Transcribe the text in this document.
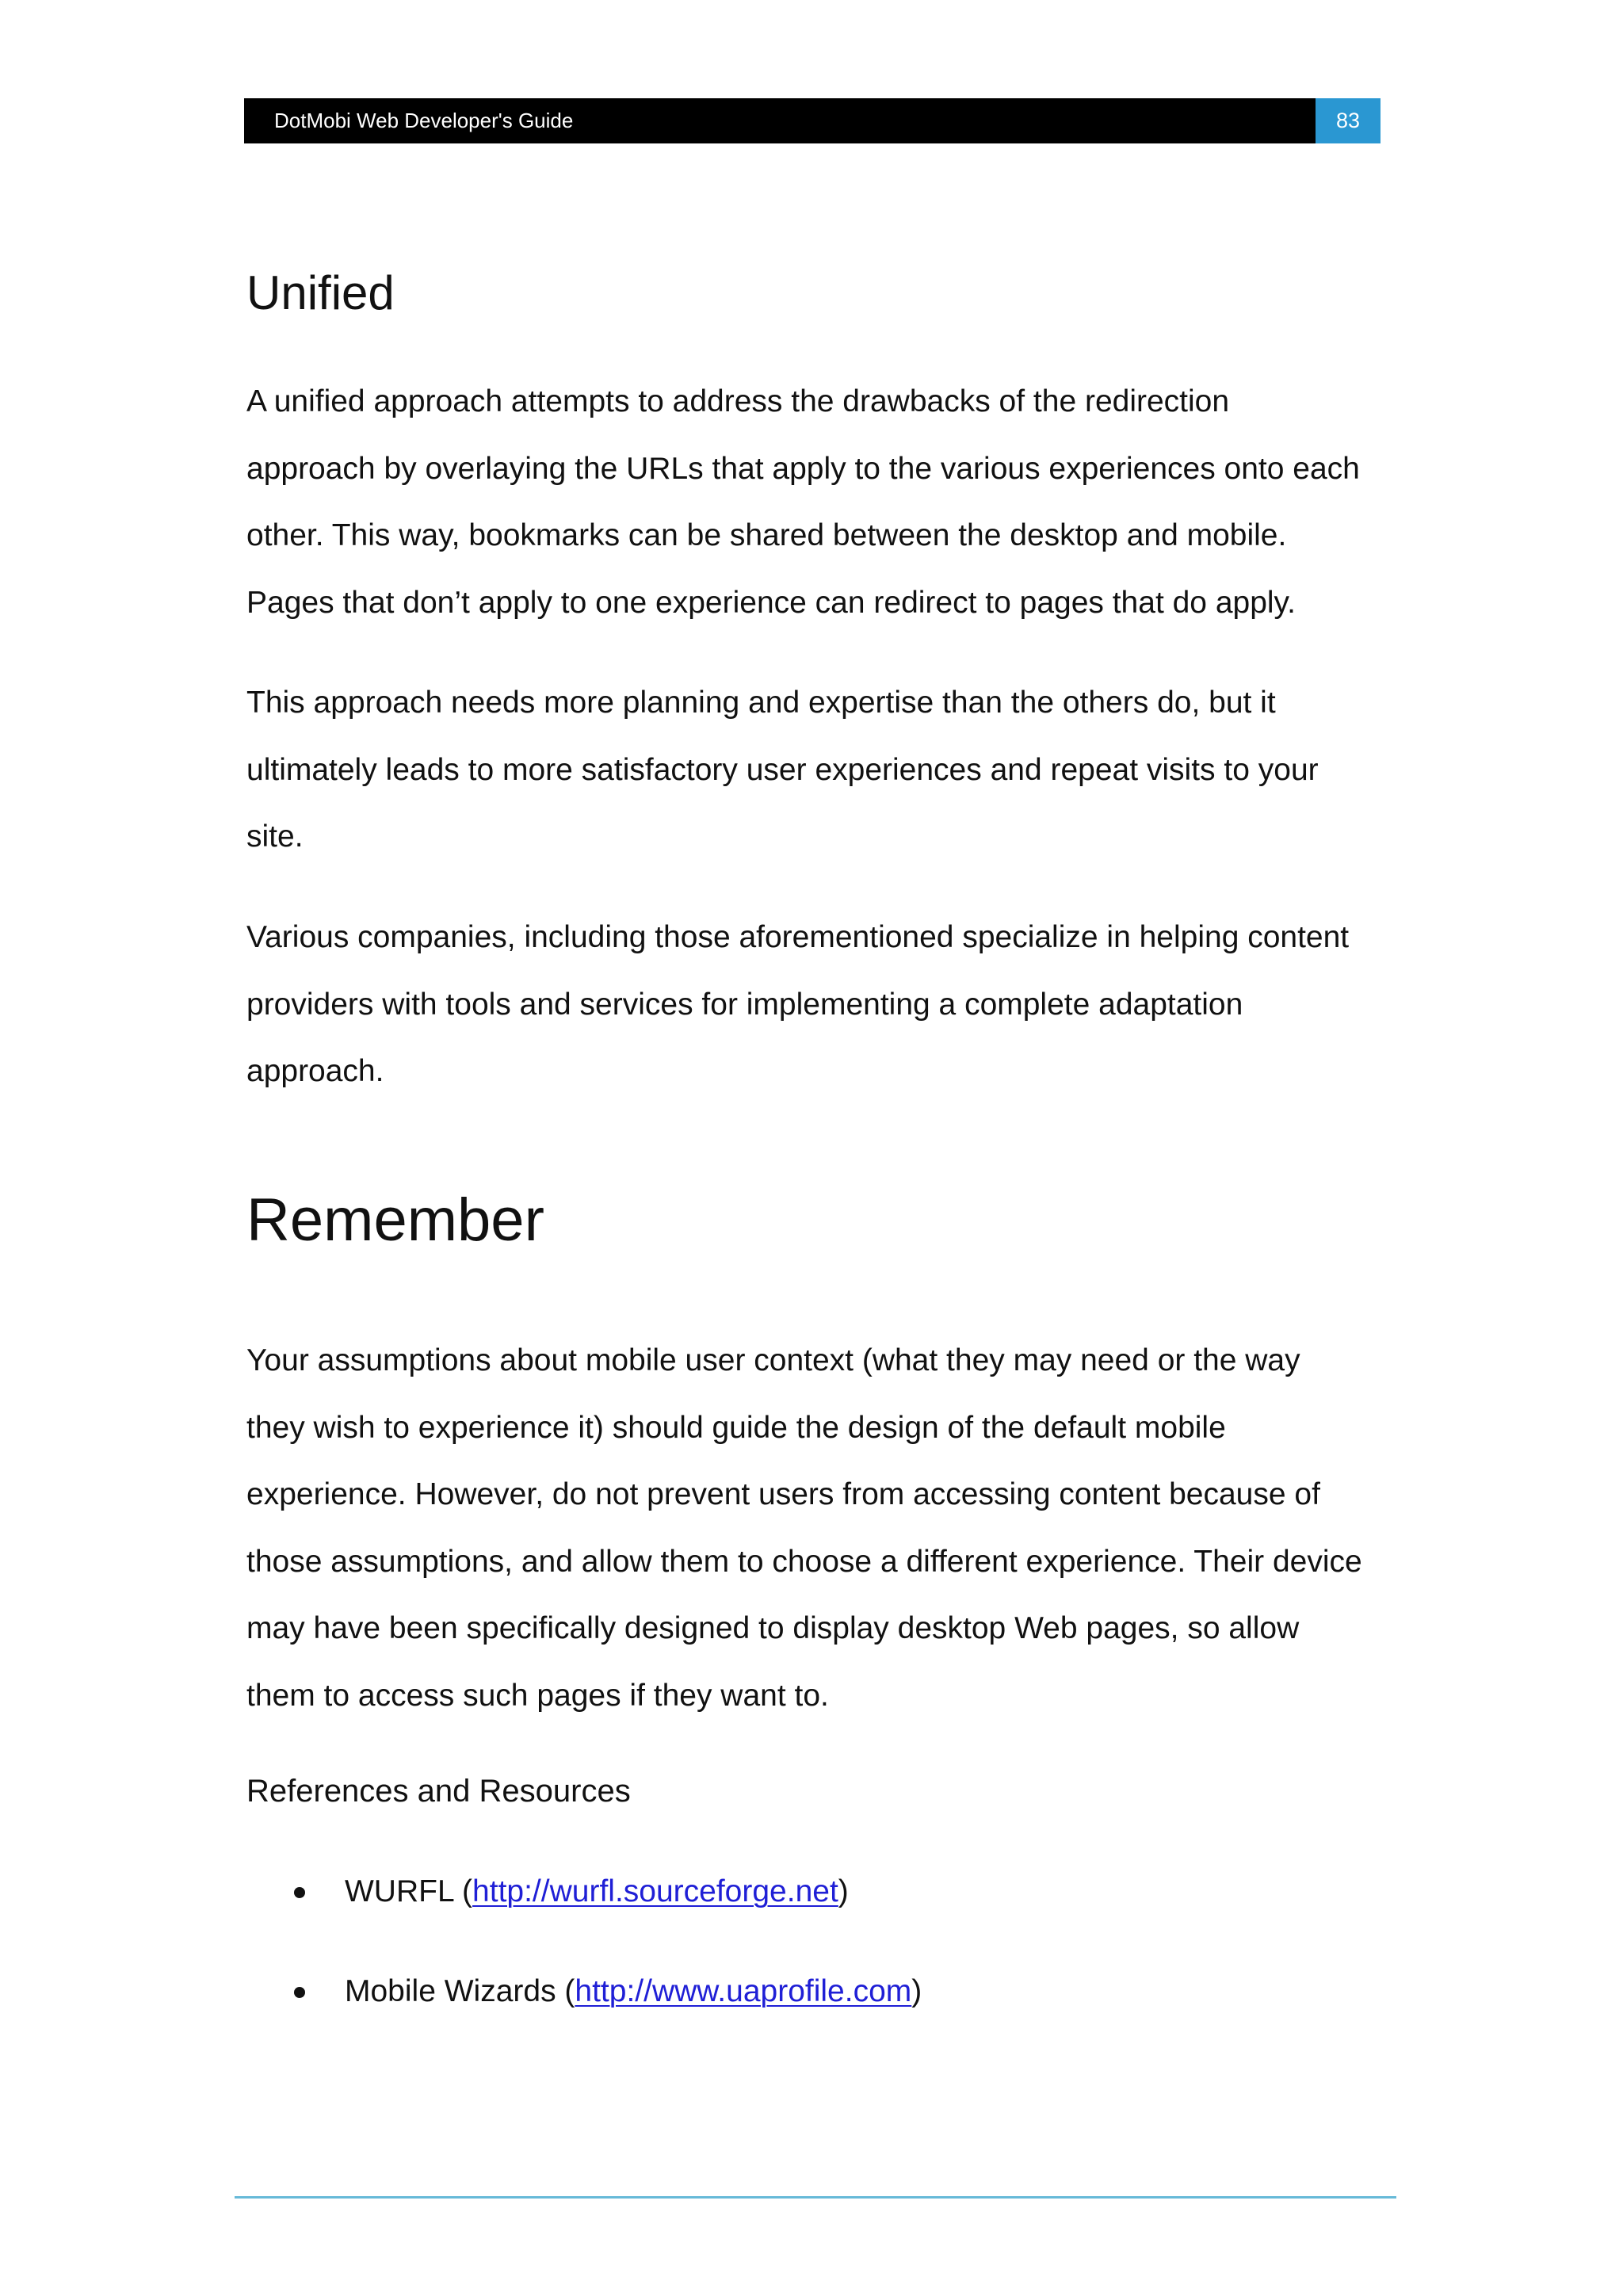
DotMobi Web Developer's Guide	83
Unified

A unified approach attempts to address the drawbacks of the redirection
approach by overlaying the URLs that apply to the various experiences onto each
other. This way, bookmarks can be shared between the desktop and mobile.
Pages that don’t apply to one experience can redirect to pages that do apply.

This approach needs more planning and expertise than the others do, but it
ultimately leads to more satisfactory user experiences and repeat visits to your
site.

Various companies, including those aforementioned specialize in helping content
providers with tools and services for implementing a complete adaptation
approach.

Remember

Your assumptions about mobile user context (what they may need or the way
they wish to experience it) should guide the design of the default mobile
experience. However, do not prevent users from accessing content because of
those assumptions, and allow them to choose a different experience. Their device
may have been specifically designed to display desktop Web pages, so allow
them to access such pages if they want to.

References and Resources
WURFL (http://wurfl.sourceforge.net)
Mobile Wizards (http://www.uaprofile.com)
